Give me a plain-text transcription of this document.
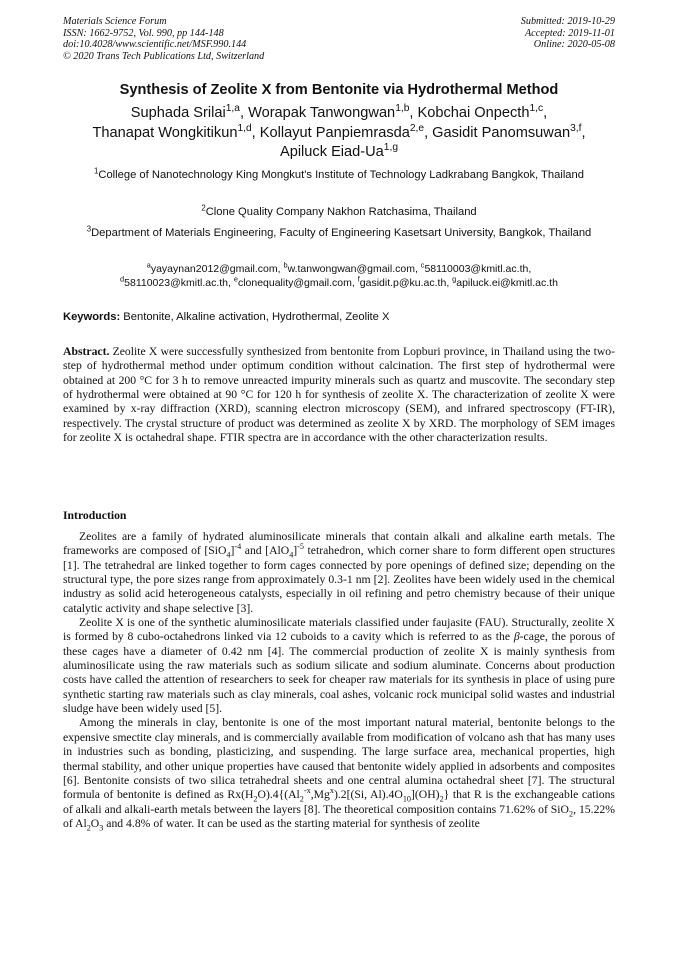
Materials Science Forum
ISSN: 1662-9752, Vol. 990, pp 144-148
doi:10.4028/www.scientific.net/MSF.990.144
© 2020 Trans Tech Publications Ltd, Switzerland
Submitted: 2019-10-29
Accepted: 2019-11-01
Online: 2020-05-08
Synthesis of Zeolite X from Bentonite via Hydrothermal Method
Suphada Srilai$^{1,a}$, Worapak Tanwongwan$^{1,b}$, Kobchai Onpecth$^{1,c}$,
Thanapat Wongkitikun$^{1,d}$, Kollayut Panpiemrasda$^{2,e}$, Gasidit Panomsuwan$^{3,f}$,
Apiluck Eiad-Ua$^{1,g}$
$^1$College of Nanotechnology King Mongkut's Institute of Technology Ladkrabang Bangkok, Thailand
$^2$Clone Quality Company Nakhon Ratchasima, Thailand
$^3$Department of Materials Engineering, Faculty of Engineering Kasetsart University, Bangkok, Thailand
$^a$yayaynan2012@gmail.com, $^b$w.tanwongwan@gmail.com, $^c$58110003@kmitl.ac.th,
$^d$58110023@kmitl.ac.th, $^e$clonequality@gmail.com, $^f$gasidit.p@ku.ac.th, $^g$apiluck.ei@kmitl.ac.th
Keywords: Bentonite, Alkaline activation, Hydrothermal, Zeolite X

Abstract. Zeolite X were successfully synthesized from bentonite from Lopburi province, in Thailand using the two-step of hydrothermal method under optimum condition without calcination. The first step of hydrothermal were obtained at 200 °C for 3 h to remove unreacted impurity minerals such as quartz and muscovite. The secondary step of hydrothermal were obtained at 90 °C for 120 h for synthesis of zeolite X. The characterization of zeolite X were examined by x-ray diffraction (XRD), scanning electron microscopy (SEM), and infrared spectroscopy (FT-IR), respectively. The crystal structure of product was determined as zeolite X by XRD. The morphology of SEM images for zeolite X is octahedral shape. FTIR spectra are in accordance with the other characterization results.

Introduction

Zeolites are a family of hydrated aluminosilicate minerals that contain alkali and alkaline earth metals. The frameworks are composed of $[SiO_4]^{-4}$ and $[AlO_4]^{-5}$ tetrahedron, which corner share to form different open structures [1]. The tetrahedral are linked together to form cages connected by pore openings of defined size; depending on the structural type, the pore sizes range from approximately 0.3-1 nm [2]. Zeolites have been widely used in the chemical industry as solid acid heterogeneous catalysts, especially in oil refining and petro chemistry because of their unique catalytic activity and shape selective [3].

Zeolite X is one of the synthetic aluminosilicate materials classified under faujasite (FAU). Structurally, zeolite X is formed by 8 cubo-octahedrons linked via 12 cuboids to a cavity which is referred to as the β-cage, the porous of these cages have a diameter of 0.42 nm [4]. The commercial production of zeolite X is mainly synthesis from aluminosilicate using the raw materials such as sodium silicate and sodium aluminate. Concerns about production costs have called the attention of researchers to seek for cheaper raw materials for its synthesis in place of using pure synthetic starting raw materials such as clay minerals, coal ashes, volcanic rock municipal solid wastes and industrial sludge have been widely used [5].

Among the minerals in clay, bentonite is one of the most important natural material, bentonite belongs to the expensive smectite clay minerals, and is commercially available from modification of volcano ash that has many uses in industries such as bonding, plasticizing, and suspending. The large surface area, mechanical properties, high thermal stability, and other unique properties have caused that bentonite widely applied in adsorbents and composites [6]. Bentonite consists of two silica tetrahedral sheets and one central alumina octahedral sheet [7]. The structural formula of bentonite is defined as $Rx(H_2O).4\{(Al_2^{-x},Mg^x).2[(Si$, $Al).4O_{10}](OH)_2$} that R is the exchangeable cations of alkali and alkali-earth metals between the layers [8]. The theoretical composition contains 71.62% of SiO$_2$, 15.22% of $Al_2O_3$ and 4.8% of water. It can be used as the starting material for synthesis of zeolite
